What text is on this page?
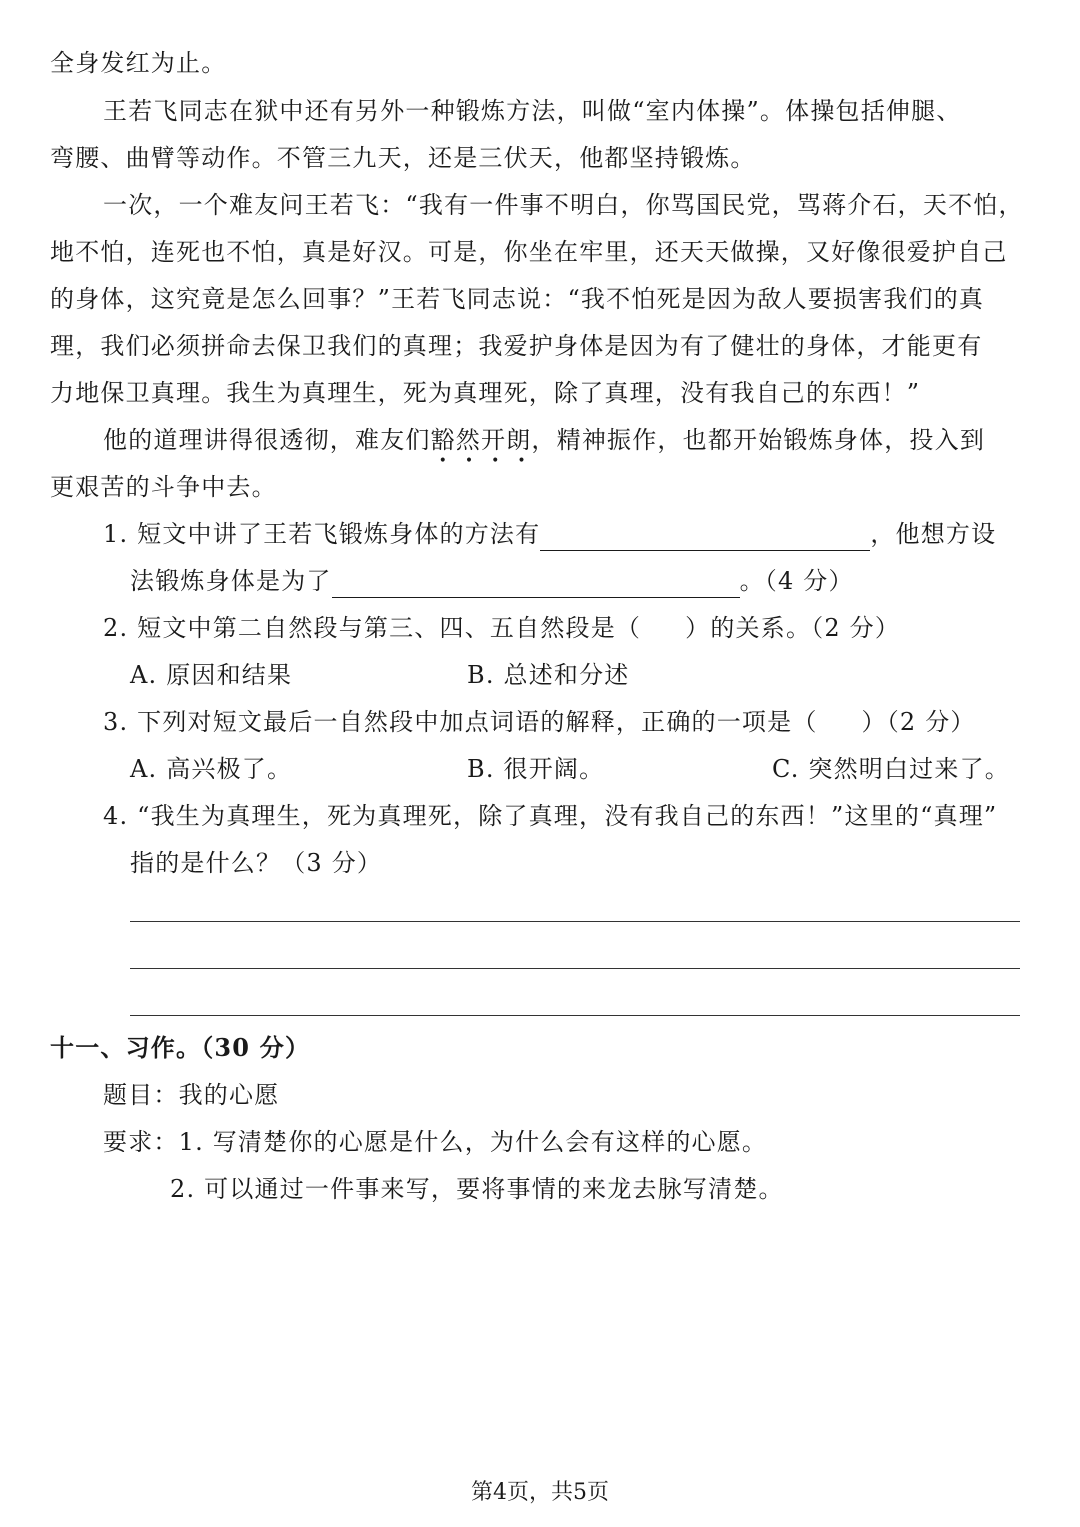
全身发红为止。
王若飞同志在狱中还有另外一种锻炼方法，叫做“室内体操”。体操包括伸腿、
弯腰、曲臂等动作。不管三九天，还是三伏天，他都坚持锻炼。
一次，一个难友问王若飞：“我有一件事不明白，你骂国民党，骂蒋介石，天不怕，
地不怕，连死也不怕，真是好汉。可是，你坐在牢里，还天天做操，又好像很爱护自己
的身体，这究竟是怎么回事？”王若飞同志说：“我不怕死是因为敌人要损害我们的真
理，我们必须拼命去保卫我们的真理；我爱护身体是因为有了健壮的身体，才能更有
力地保卫真理。我生为真理生，死为真理死，除了真理，没有我自己的东西！”
他的道理讲得很透彻，难友们豁然开朗
••••
，精神振作，也都开始锻炼身体，投入到
更艰苦的斗争中去。
1. 短文中讲了王若飞锻炼身体的方法有	，他想方设
法锻炼身体是为了	。（4 分）
2. 短文中第二自然段与第三、四、五自然段是（ ）的关系。（2 分）
A. 原因和结果	B. 总述和分述
3. 下列对短文最后一自然段中加点词语的解释，正确的一项是（ ）（2 分）
A. 高兴极了。	B. 很开阔。	C. 突然明白过来了。
4. “我生为真理生，死为真理死，除了真理，没有我自己的东西！”这里的“真理”
指的是什么？（3 分）
十一、习作。（30 分）
题目：我的心愿
要求：1. 写清楚你的心愿是什么，为什么会有这样的心愿。
2. 可以通过一件事来写，要将事情的来龙去脉写清楚。
第4页，共5页
